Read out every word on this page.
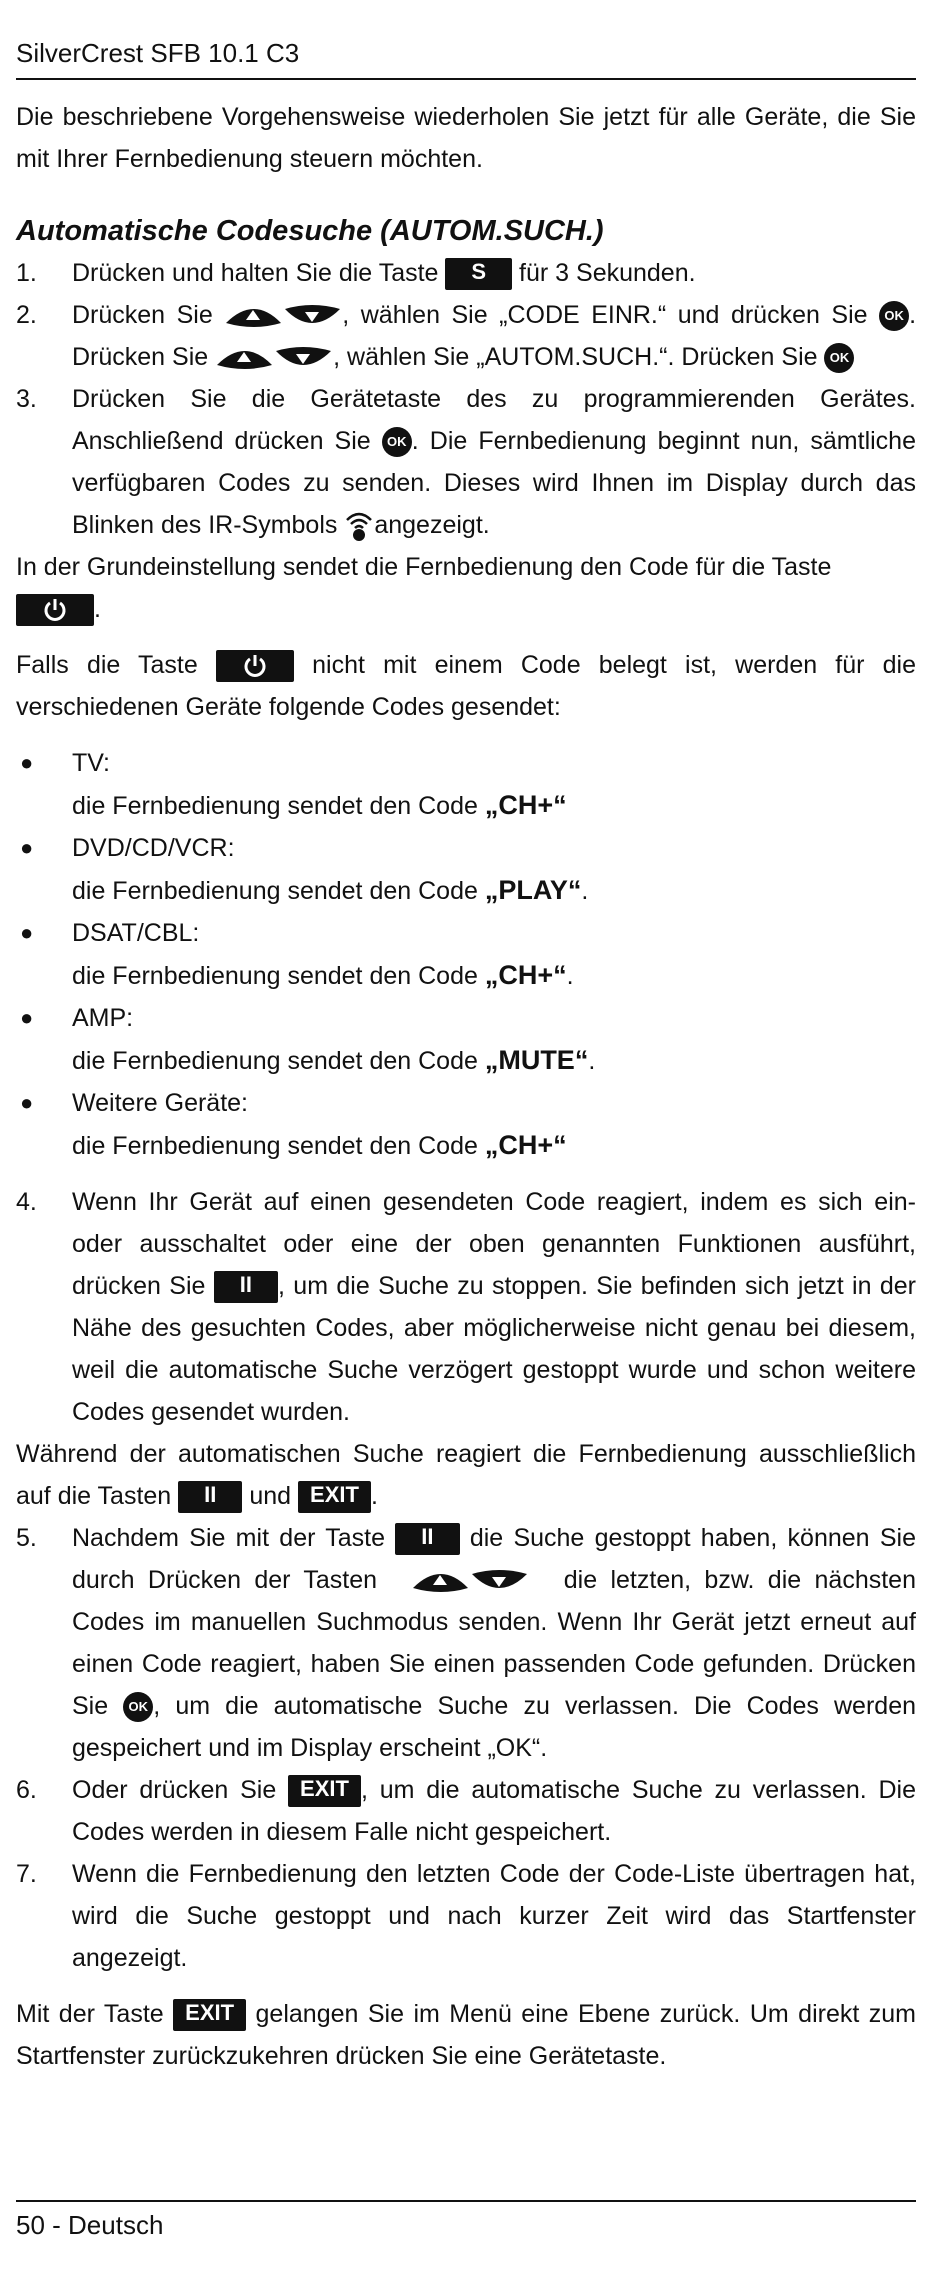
SilverCrest SFB 10.1 C3

Die beschriebene Vorgehensweise wiederholen Sie jetzt für alle Geräte, die Sie mit Ihrer Fernbedienung steuern möchten.

Automatische Codesuche (AUTOM.SUCH.)

1. Drücken und halten Sie die Taste S für 3 Sekunden.
2. Drücken Sie	, wählen Sie „CODE EINR.“ und drücken Sie OK . Drücken Sie	, wählen Sie „AUTOM.SUCH.“. Drücken Sie OK
3. Drücken Sie die Gerätetaste des zu programmierenden Gerätes. Anschließend drücken Sie OK . Die Fernbedienung beginnt nun, sämtliche verfügbaren Codes zu senden. Dieses wird Ihnen im Display durch das Blinken des IR-Symbols angezeigt.

In der Grundeinstellung sendet die Fernbedienung den Code für die Taste
.

Falls die Taste	nicht mit einem Code belegt ist, werden für die verschiedenen Geräte folgende Codes gesendet:

● TV:
die Fernbedienung sendet den Code „CH+“
● DVD/CD/VCR:
die Fernbedienung sendet den Code „PLAY“.
● DSAT/CBL:
die Fernbedienung sendet den Code „CH+“.
● AMP:
die Fernbedienung sendet den Code „MUTE“.
● Weitere Geräte:
die Fernbedienung sendet den Code „CH+“
4. Wenn Ihr Gerät auf einen gesendeten Code reagiert, indem es sich ein- oder ausschaltet oder eine der oben genannten Funktionen ausführt, drücken Sie II , um die Suche zu stoppen. Sie befinden sich jetzt in der Nähe des gesuchten Codes, aber möglicherweise nicht genau bei diesem, weil die automatische Suche verzögert gestoppt wurde und schon weitere Codes gesendet wurden.

Während der automatischen Suche reagiert die Fernbedienung ausschließlich auf die Tasten II und EXIT .

5. Nachdem Sie mit der Taste II die Suche gestoppt haben, können Sie durch Drücken der Tasten	die letzten, bzw. die nächsten Codes im manuellen Suchmodus senden. Wenn Ihr Gerät jetzt erneut auf einen Code reagiert, haben Sie einen passenden Code gefunden. Drücken Sie OK , um die automatische Suche zu verlassen. Die Codes werden gespeichert und im Display erscheint „OK“.
6. Oder drücken Sie EXIT , um die automatische Suche zu verlassen. Die Codes werden in diesem Falle nicht gespeichert.
7. Wenn die Fernbedienung den letzten Code der Code-Liste übertragen hat, wird die Suche gestoppt und nach kurzer Zeit wird das Startfenster angezeigt.

Mit der Taste EXIT gelangen Sie im Menü eine Ebene zurück. Um direkt zum Startfenster zurückzukehren drücken Sie eine Gerätetaste.

50 - Deutsch
